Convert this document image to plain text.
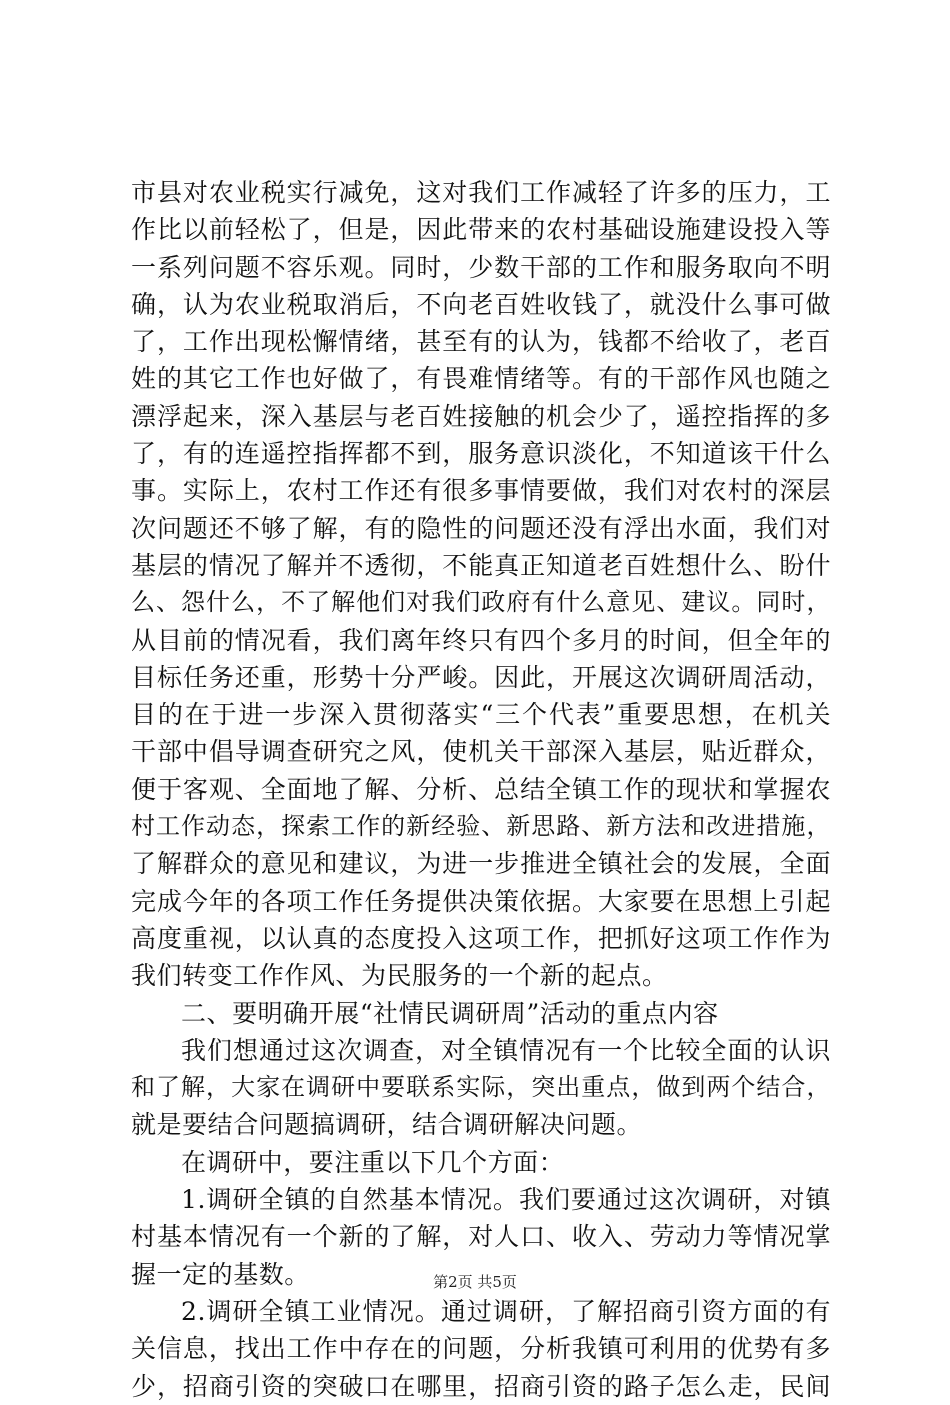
市县对农业税实行减免，这对我们工作减轻了许多的压力，工
作比以前轻松了，但是，因此带来的农村基础设施建设投入等
一系列问题不容乐观。同时，少数干部的工作和服务取向不明
确，认为农业税取消后，不向老百姓收钱了，就没什么事可做
了，工作出现松懈情绪，甚至有的认为，钱都不给收了，老百
姓的其它工作也好做了，有畏难情绪等。有的干部作风也随之
漂浮起来，深入基层与老百姓接触的机会少了，遥控指挥的多
了，有的连遥控指挥都不到，服务意识淡化，不知道该干什么
事。实际上，农村工作还有很多事情要做，我们对农村的深层
次问题还不够了解，有的隐性的问题还没有浮出水面，我们对
基层的情况了解并不透彻，不能真正知道老百姓想什么、盼什
么、怨什么，不了解他们对我们政府有什么意见、建议。同时，
从目前的情况看，我们离年终只有四个多月的时间，但全年的
目标任务还重，形势十分严峻。因此，开展这次调研周活动，
目的在于进一步深入贯彻落实“三个代表”重要思想，在机关
干部中倡导调查研究之风，使机关干部深入基层，贴近群众，
便于客观、全面地了解、分析、总结全镇工作的现状和掌握农
村工作动态，探索工作的新经验、新思路、新方法和改进措施，
了解群众的意见和建议，为进一步推进全镇社会的发展，全面
完成今年的各项工作任务提供决策依据。大家要在思想上引起
高度重视，以认真的态度投入这项工作，把抓好这项工作作为
我们转变工作作风、为民服务的一个新的起点。
二、要明确开展“社情民调研周”活动的重点内容
我们想通过这次调查，对全镇情况有一个比较全面的认识
和了解，大家在调研中要联系实际，突出重点，做到两个结合，
就是要结合问题搞调研，结合调研解决问题。
在调研中，要注重以下几个方面：
1.调研全镇的自然基本情况。我们要通过这次调研，对镇
村基本情况有一个新的了解，对人口、收入、劳动力等情况掌
握一定的基数。
2.调研全镇工业情况。通过调研，了解招商引资方面的有
关信息，找出工作中存在的问题，分析我镇可利用的优势有多
少，招商引资的突破口在哪里，招商引资的路子怎么走，民间
第2页 共5页
